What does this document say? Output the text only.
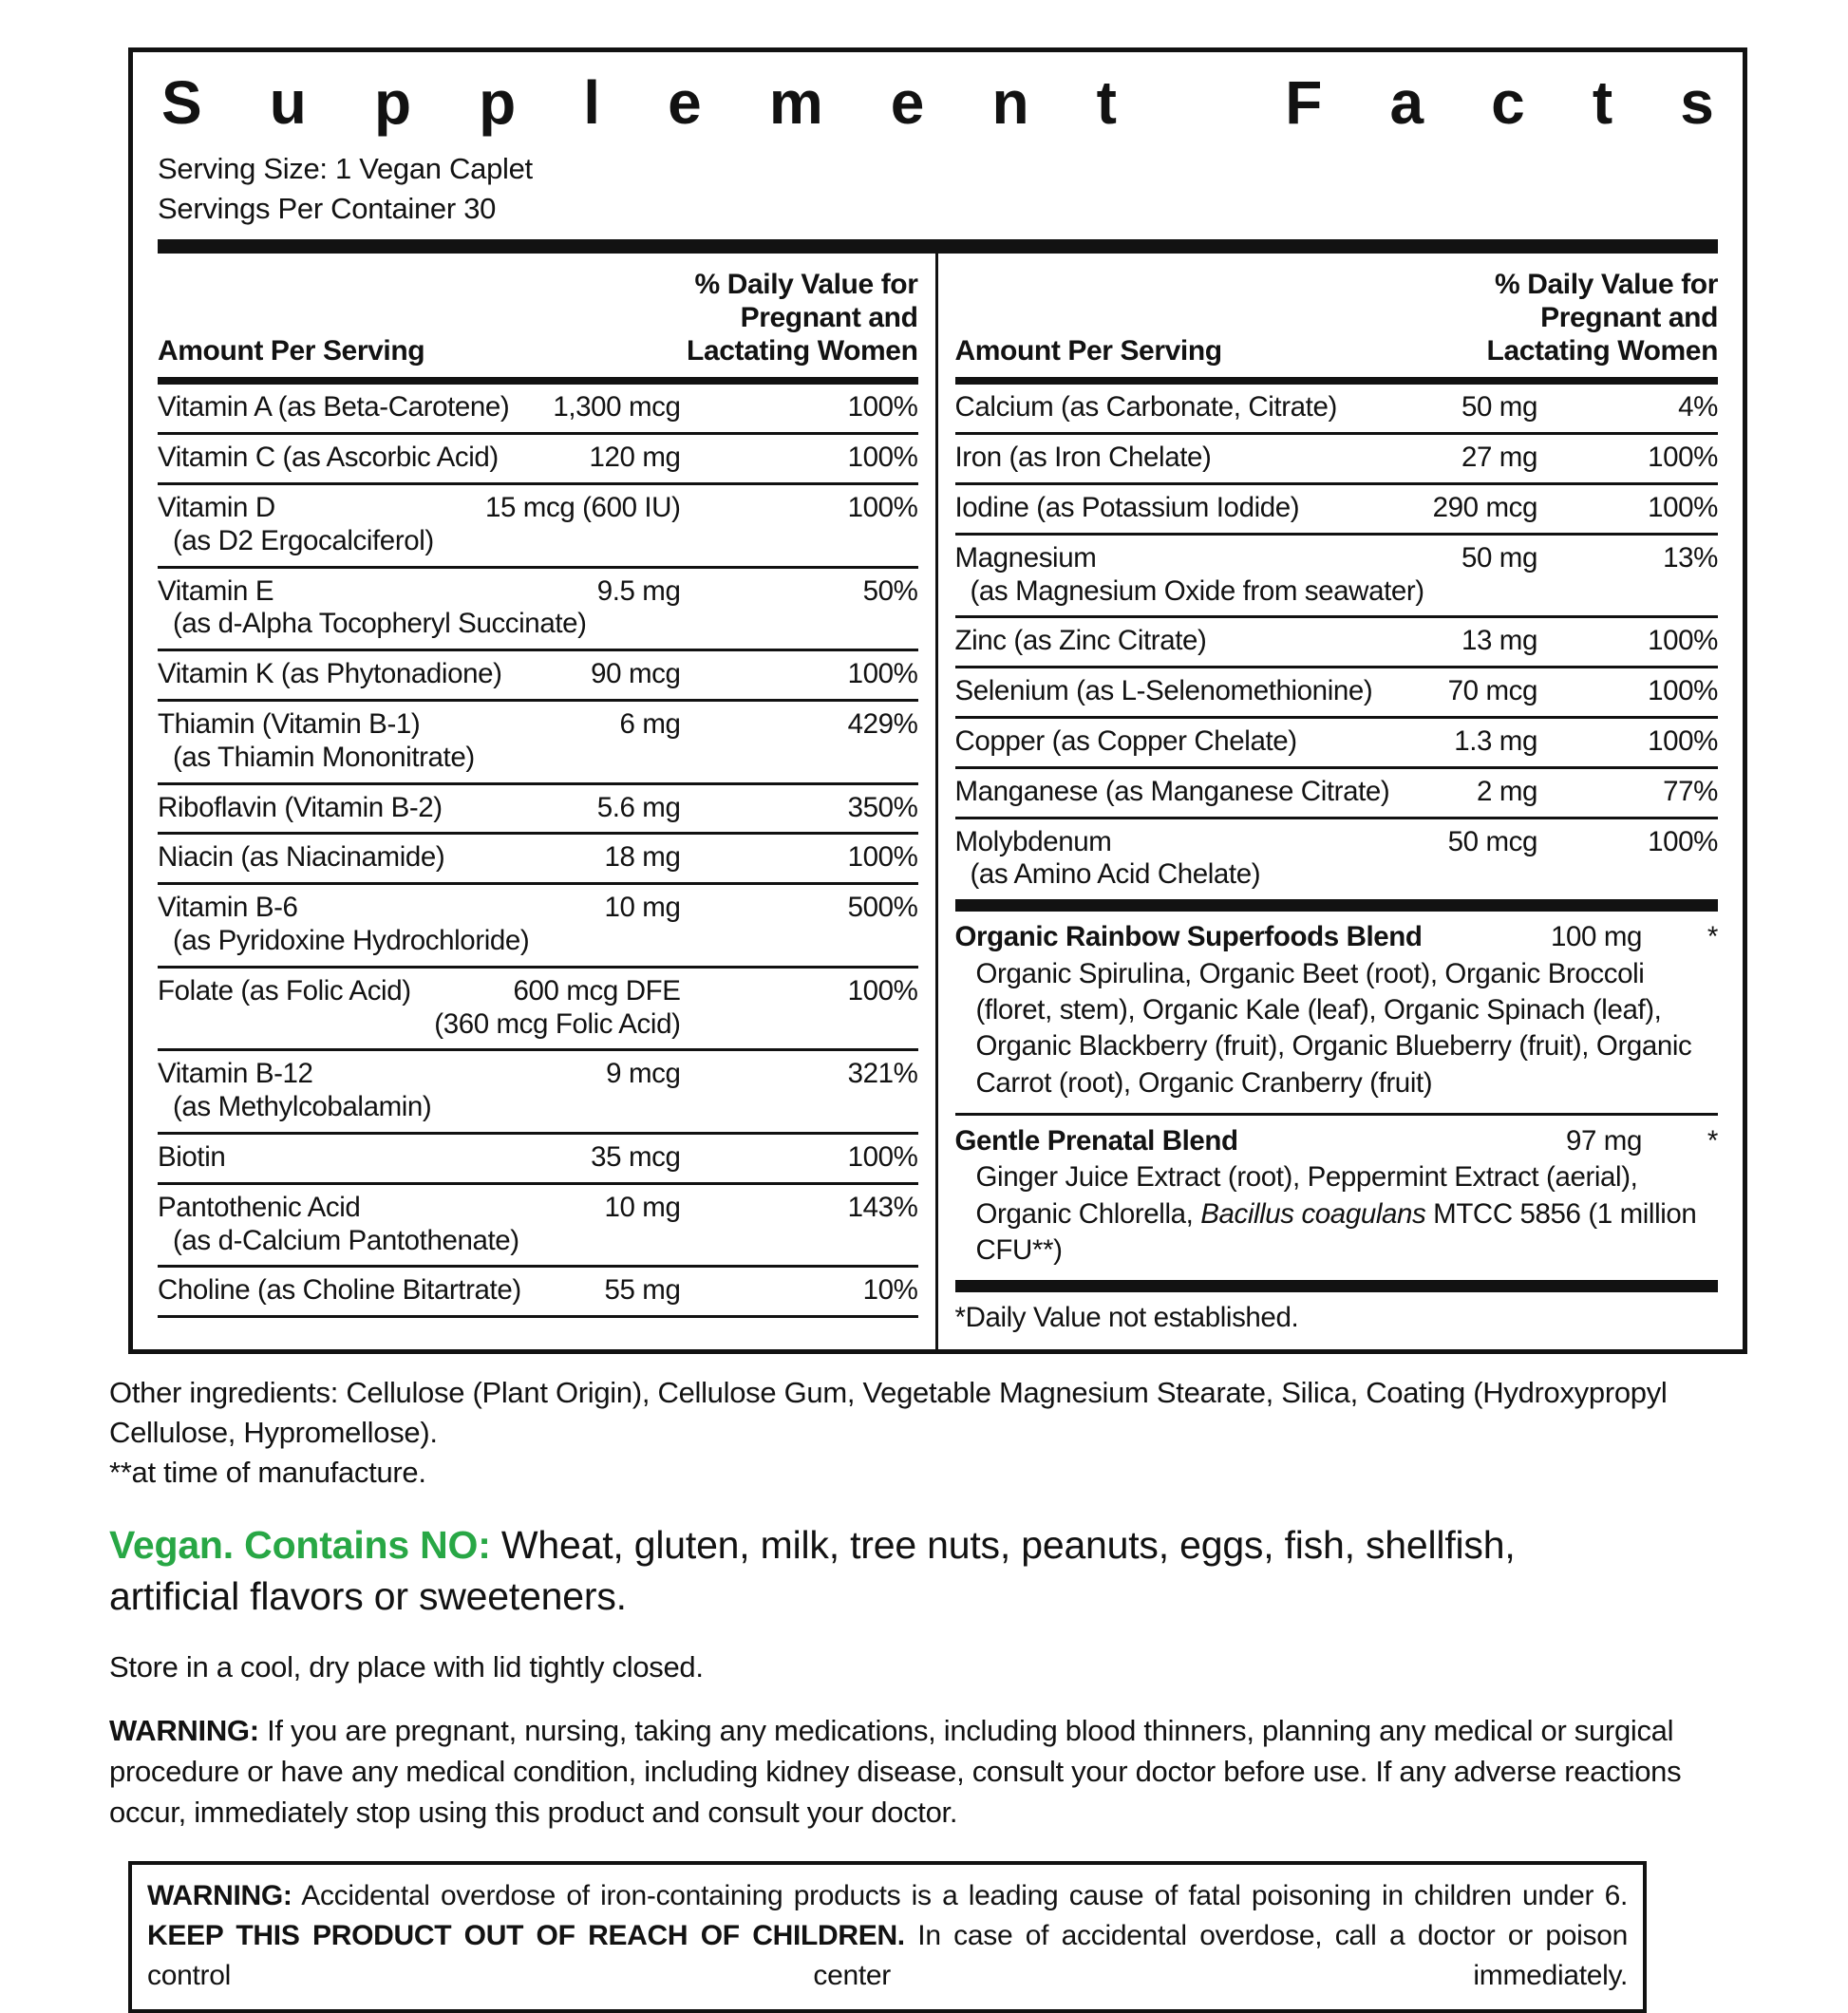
S u p p l e m e n t	F a c t s
Serving Size: 1 Vegan Caplet
Servings Per Container 30
Amount Per Serving
% Daily Value for
Pregnant and
Lactating Women
Vitamin A (as Beta-Carotene)	1,300 mcg	100%
Vitamin C (as Ascorbic Acid)	120 mg	100%
Vitamin D	15 mcg (600 IU)	100%
(as D2 Ergocalciferol)
Vitamin E	9.5 mg	50%
(as d-Alpha Tocopheryl Succinate)
Vitamin K (as Phytonadione)	90 mcg	100%
Thiamin (Vitamin B-1)	6 mg	429%
(as Thiamin Mononitrate)
Riboflavin (Vitamin B-2)	5.6 mg	350%
Niacin (as Niacinamide)	18 mg	100%
Vitamin B-6	10 mg	500%
(as Pyridoxine Hydrochloride)
Folate (as Folic Acid)	600 mcg DFE	100%
(360 mcg Folic Acid)
Vitamin B-12	9 mcg	321%
(as Methylcobalamin)
Biotin	35 mcg	100%
Pantothenic Acid	10 mg	143%
(as d-Calcium Pantothenate)
Choline (as Choline Bitartrate)	55 mg	10%
Amount Per Serving
% Daily Value for
Pregnant and
Lactating Women
Calcium (as Carbonate, Citrate)	50 mg	4%
Iron (as Iron Chelate)	27 mg	100%
Iodine (as Potassium Iodide)	290 mcg	100%
Magnesium	50 mg	13%
(as Magnesium Oxide from seawater)
Zinc (as Zinc Citrate)	13 mg	100%
Selenium (as L-Selenomethionine)	70 mcg	100%
Copper (as Copper Chelate)	1.3 mg	100%
Manganese (as Manganese Citrate)	2 mg	77%
Molybdenum	50 mcg	100%
(as Amino Acid Chelate)
Organic Rainbow Superfoods Blend	100 mg	*
Organic Spirulina, Organic Beet (root), Organic Broccoli (floret, stem), Organic Kale (leaf), Organic Spinach (leaf), Organic Blackberry (fruit), Organic Blueberry (fruit), Organic Carrot (root), Organic Cranberry (fruit)
Gentle Prenatal Blend	97 mg	*
Ginger Juice Extract (root), Peppermint Extract (aerial), Organic Chlorella, Bacillus coagulans MTCC 5856 (1 million CFU**)
*Daily Value not established.
Other ingredients: Cellulose (Plant Origin), Cellulose Gum, Vegetable Magnesium Stearate, Silica, Coating (Hydroxypropyl Cellulose, Hypromellose).
**at time of manufacture.
Vegan. Contains NO: Wheat, gluten, milk, tree nuts, peanuts, eggs, fish, shellfish, artificial flavors or sweeteners.
Store in a cool, dry place with lid tightly closed.
WARNING: If you are pregnant, nursing, taking any medications, including blood thinners, planning any medical or surgical procedure or have any medical condition, including kidney disease, consult your doctor before use. If any adverse reactions occur, immediately stop using this product and consult your doctor.
WARNING: Accidental overdose of iron-containing products is a leading cause of fatal poisoning in children under 6. KEEP THIS PRODUCT OUT OF REACH OF CHILDREN. In case of accidental overdose, call a doctor or poison control center immediately.
